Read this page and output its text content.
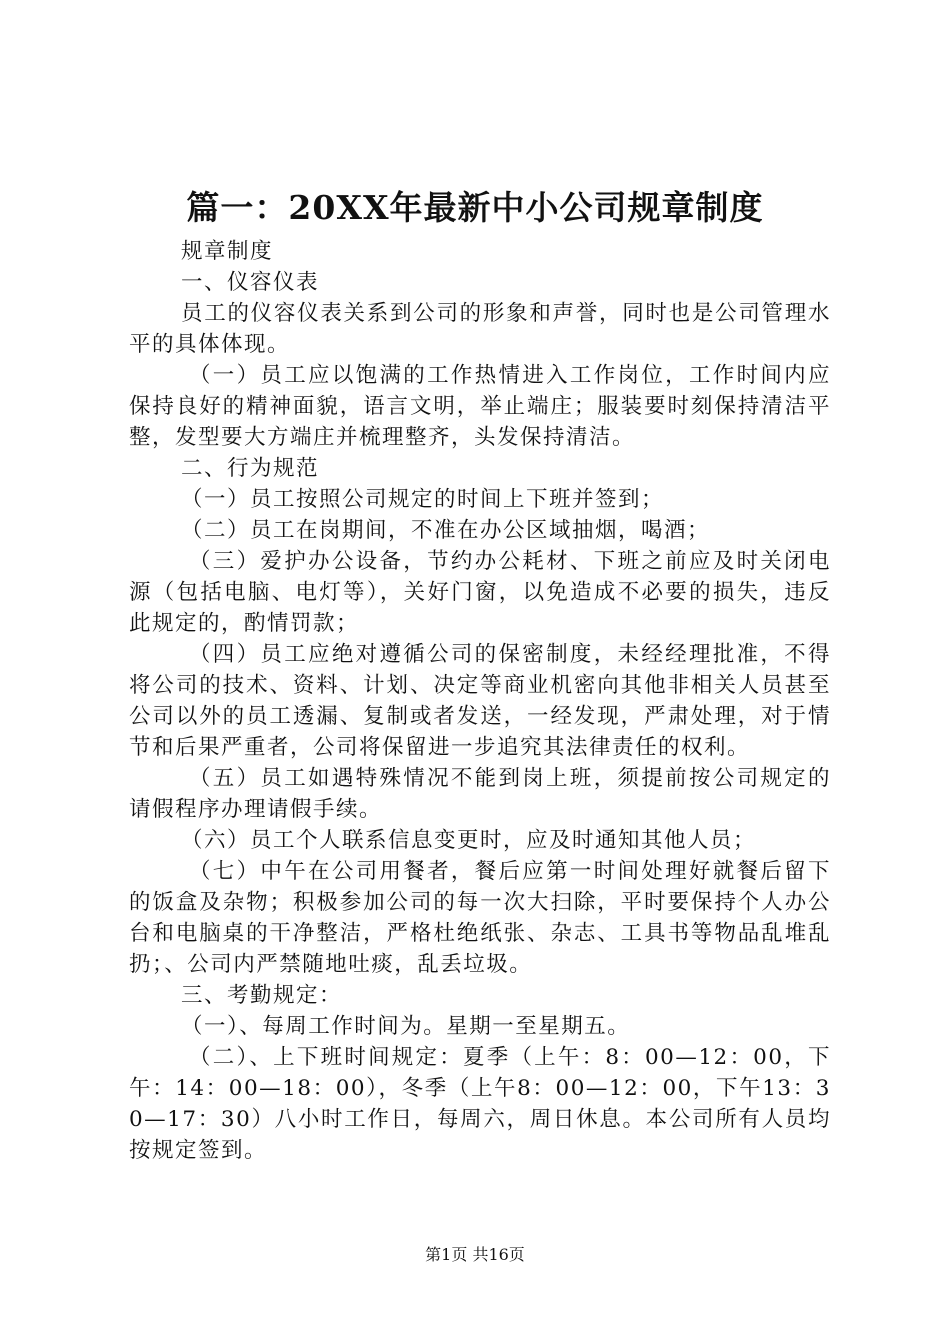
篇一：20XX年最新中小公司规章制度

规章制度

一、仪容仪表

员工的仪容仪表关系到公司的形象和声誉，同时也是公司管理水平的具体体现。

（一）员工应以饱满的工作热情进入工作岗位，工作时间内应保持良好的精神面貌，语言文明，举止端庄；服装要时刻保持清洁平整，发型要大方端庄并梳理整齐，头发保持清洁。

二、行为规范

（一）员工按照公司规定的时间上下班并签到；

（二）员工在岗期间，不准在办公区域抽烟，喝酒；

（三）爱护办公设备，节约办公耗材、下班之前应及时关闭电源（包括电脑、电灯等），关好门窗，以免造成不必要的损失，违反此规定的，酌情罚款；

（四）员工应绝对遵循公司的保密制度，未经经理批准，不得将公司的技术、资料、计划、决定等商业机密向其他非相关人员甚至公司以外的员工透漏、复制或者发送，一经发现，严肃处理，对于情节和后果严重者，公司将保留进一步追究其法律责任的权利。

（五）员工如遇特殊情况不能到岗上班，须提前按公司规定的请假程序办理请假手续。

（六）员工个人联系信息变更时，应及时通知其他人员；

（七）中午在公司用餐者，餐后应第一时间处理好就餐后留下的饭盒及杂物；积极参加公司的每一次大扫除，平时要保持个人办公台和电脑桌的干净整洁，严格杜绝纸张、杂志、工具书等物品乱堆乱扔；、公司内严禁随地吐痰，乱丢垃圾。

三、考勤规定：

（一）、每周工作时间为。星期一至星期五。

（二）、上下班时间规定：夏季（上午：8：00—12：00，下午：14：00—18：00），冬季（上午8：00—12：00，下午13：30—17：30）八小时工作日，每周六，周日休息。本公司所有人员均按规定签到。

第1页 共16页
